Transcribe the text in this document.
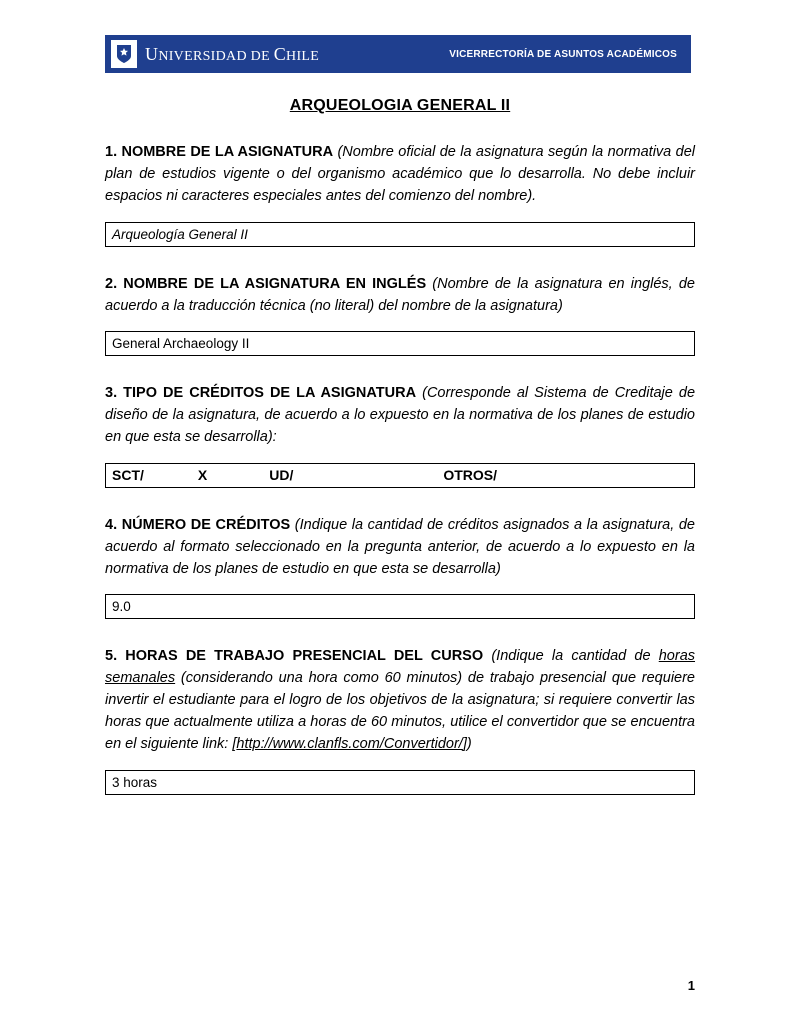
UNIVERSIDAD DE CHILE	VICERRECTORÍA DE ASUNTOS ACADÉMICOS
ARQUEOLOGIA GENERAL II

1. NOMBRE DE LA ASIGNATURA (Nombre oficial de la asignatura según la normativa del plan de estudios vigente o del organismo académico que lo desarrolla. No debe incluir espacios ni caracteres especiales antes del comienzo del nombre).

Arqueología General II

2. NOMBRE DE LA ASIGNATURA EN INGLÉS (Nombre de la asignatura en inglés, de acuerdo a la traducción técnica (no literal) del nombre de la asignatura)

General Archaeology II

3. TIPO DE CRÉDITOS DE LA ASIGNATURA (Corresponde al Sistema de Creditaje de diseño de la asignatura, de acuerdo a lo expuesto en la normativa de los planes de estudio en que esta se desarrolla):

SCT/	X	UD/	OTROS/

4. NÚMERO DE CRÉDITOS (Indique la cantidad de créditos asignados a la asignatura, de acuerdo al formato seleccionado en la pregunta anterior, de acuerdo a lo expuesto en la normativa de los planes de estudio en que esta se desarrolla)

9.0

5. HORAS DE TRABAJO PRESENCIAL DEL CURSO (Indique la cantidad de horas semanales (considerando una hora como 60 minutos) de trabajo presencial que requiere invertir el estudiante para el logro de los objetivos de la asignatura; si requiere convertir las horas que actualmente utiliza a horas de 60 minutos, utilice el convertidor que se encuentra en el siguiente link: [http://www.clanfls.com/Convertidor/])

3 horas
1
